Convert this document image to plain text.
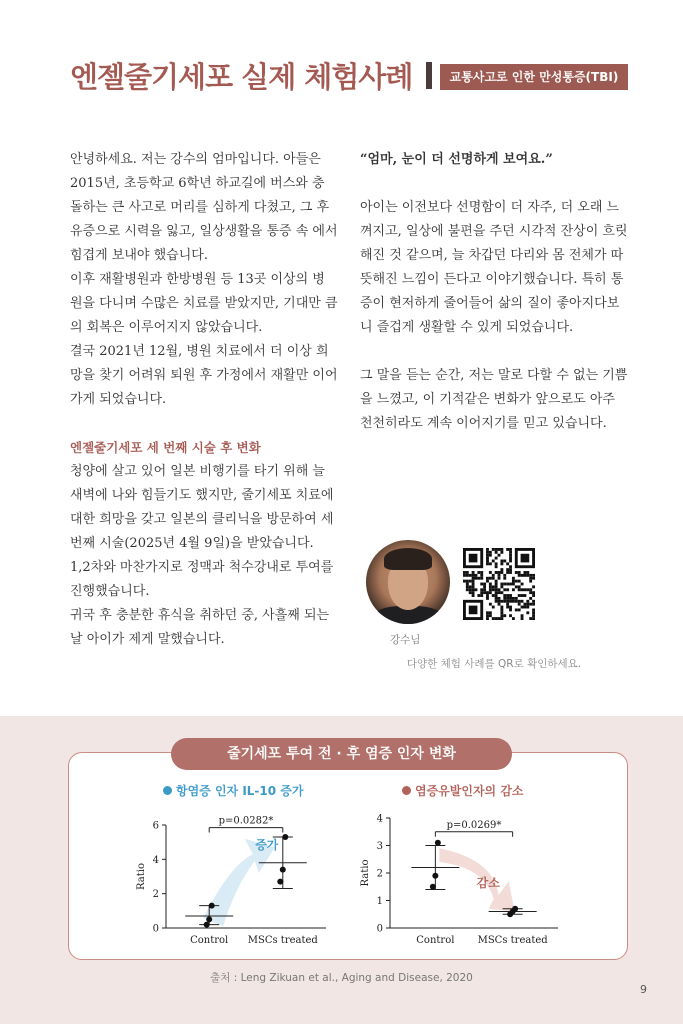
엔젤줄기세포 실제 체험사례	교통사고로 인한 만성통증(TBI)

안녕하세요. 저는 강수의 엄마입니다. 아들은 2015년, 초등학교 6학년 하교길에 버스와 충 돌하는 큰 사고로 머리를 심하게 다쳤고, 그 후유증으로 시력을 잃고, 일상생활을 통증 속 에서 힘겹게 보내야 했습니다.

이후 재활병원과 한방병원 등 13곳 이상의 병 원을 다니며 수많은 치료를 받았지만, 기대만 큼의 회복은 이루어지지 않았습니다.

결국 2021년 12월, 병원 치료에서 더 이상 희 망을 찾기 어려워 퇴원 후 가정에서 재활만 이어가게 되었습니다.

엔젤줄기세포 세 번째 시술 후 변화

청양에 살고 있어 일본 비행기를 타기 위해 늘 새벽에 나와 힘들기도 했지만, 줄기세포 치료에 대한 희망을 갖고 일본의 클리닉을 방문하여 세 번째 시술(2025년 4월 9일)을 받았습니다. 1,2차와 마찬가지로 정맥과 척수강내로 투여를 진행했습니다.

귀국 후 충분한 휴식을 취하던 중, 사흘째 되는 날 아이가 제게 말했습니다.

“엄마, 눈이 더 선명하게 보여요.”

아이는 이전보다 선명함이 더 자주, 더 오래 느껴지고, 일상에 불편을 주던 시각적 잔상이 흐릿해진 것 같으며, 늘 차갑던 다리와 몸 전체가 따뜻해진 느낌이 든다고 이야기했습니다. 특히 통증이 현저하게 줄어들어 삶의 질이 좋아지다보니 즐겁게 생활할 수 있게 되었습니다.

그 말을 듣는 순간, 저는 말로 다할 수 없는 기쁨을 느꼈고, 이 기적같은 변화가 앞으로도 아주 천천히라도 계속 이어지기를 믿고 있습니다.

강수님
다양한 체험 사례를 QR로 확인하세요.
줄기세포 투여 전 · 후 염증 인자 변화
항염증 인자 IL-10 증가	염증유발인자의 감소
증가
0
2
4
6
Ratio
Control MSCs treated
p=0.0282*
감소
0
1
2
3
4
Ratio
Control MSCs treated
p=0.0269*
출처 : Leng Zikuan et al., Aging and Disease, 2020
9
